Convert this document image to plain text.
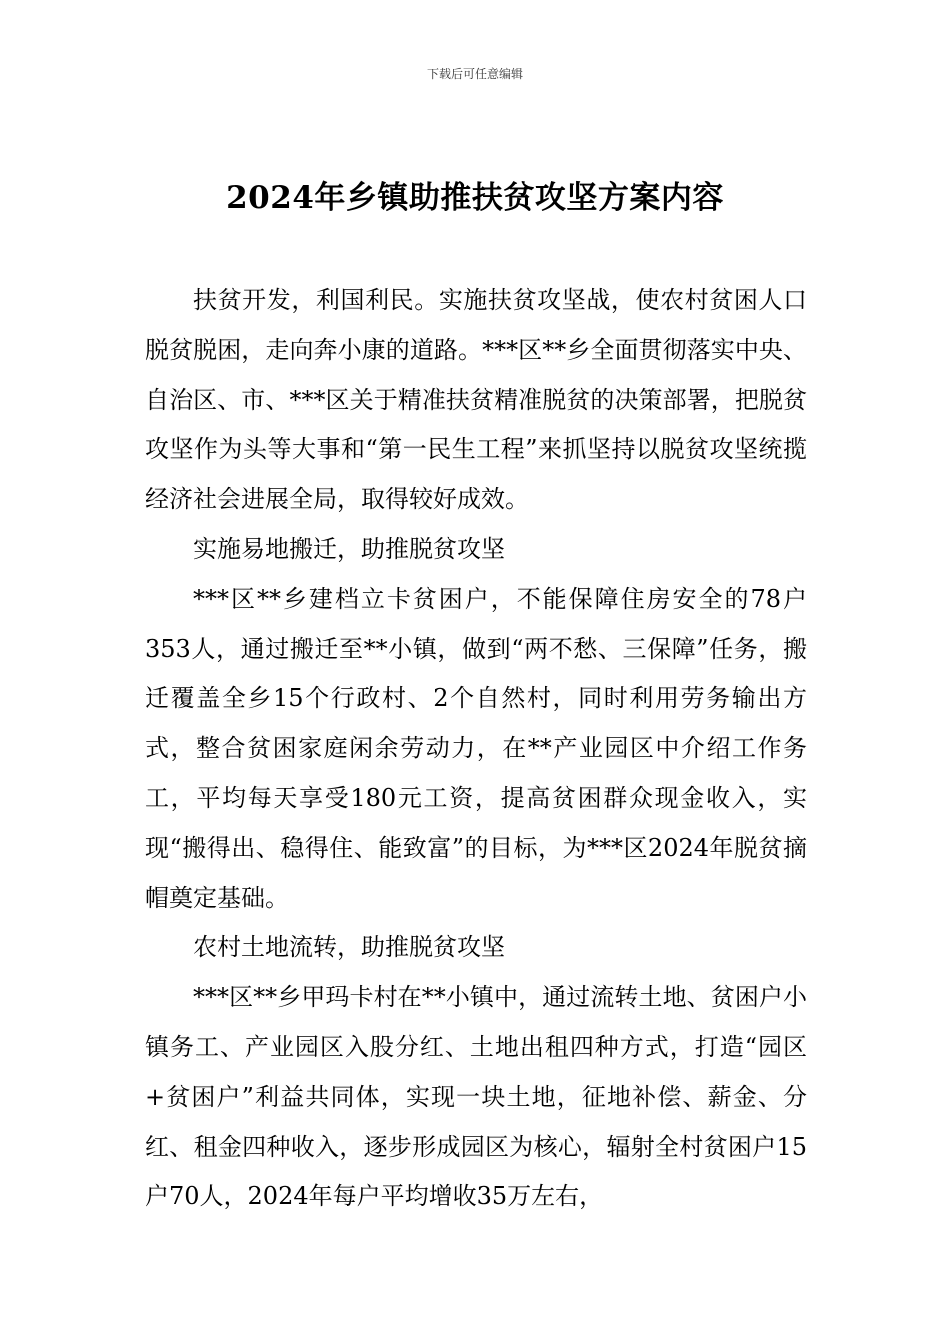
下载后可任意编辑
2024年乡镇助推扶贫攻坚方案内容

扶贫开发，利国利民。实施扶贫攻坚战，使农村贫困人口脱贫脱困，走向奔小康的道路。***区**乡全面贯彻落实中央、自治区、市、***区关于精准扶贫精准脱贫的决策部署，把脱贫攻坚作为头等大事和“第一民生工程”来抓坚持以脱贫攻坚统揽经济社会进展全局，取得较好成效。

实施易地搬迁，助推脱贫攻坚

***区**乡建档立卡贫困户，不能保障住房安全的78户353人，通过搬迁至**小镇，做到“两不愁、三保障”任务，搬迁覆盖全乡15个行政村、2个自然村，同时利用劳务输出方式，整合贫困家庭闲余劳动力，在**产业园区中介绍工作务工，平均每天享受180元工资，提高贫困群众现金收入，实现“搬得出、稳得住、能致富”的目标，为***区2024年脱贫摘帽奠定基础。

农村土地流转，助推脱贫攻坚

***区**乡甲玛卡村在**小镇中，通过流转土地、贫困户小镇务工、产业园区入股分红、土地出租四种方式，打造“园区+贫困户”利益共同体，实现一块土地，征地补偿、薪金、分红、租金四种收入，逐步形成园区为核心，辐射全村贫困户15户70人，2024年每户平均增收35万左右，
